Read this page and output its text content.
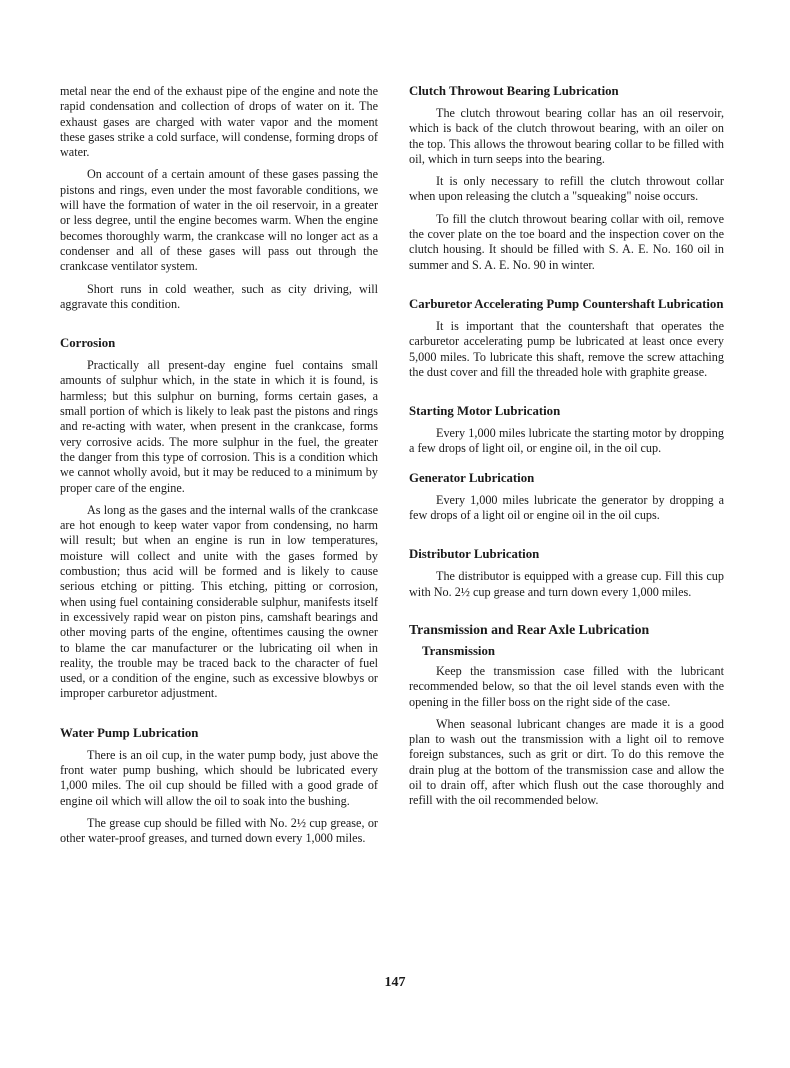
metal near the end of the exhaust pipe of the engine and note the rapid condensation and collection of drops of water on it. The exhaust gases are charged with water vapor and the moment these gases strike a cold surface, will condense, forming drops of water.

On account of a certain amount of these gases passing the pistons and rings, even under the most favorable conditions, we will have the formation of water in the oil reservoir, in a greater or less degree, until the engine becomes warm. When the engine becomes thoroughly warm, the crankcase will no longer act as a condenser and all of these gases will pass out through the crankcase ventilator system.

Short runs in cold weather, such as city driving, will aggravate this condition.

Corrosion

Practically all present-day engine fuel contains small amounts of sulphur which, in the state in which it is found, is harmless; but this sulphur on burning, forms certain gases, a small portion of which is likely to leak past the pistons and rings and re-acting with water, when present in the crankcase, forms very corrosive acids. The more sulphur in the fuel, the greater the danger from this type of corrosion. This is a condition which we cannot wholly avoid, but it may be reduced to a minimum by proper care of the engine.

As long as the gases and the internal walls of the crankcase are hot enough to keep water vapor from condensing, no harm will result; but when an engine is run in low temperatures, moisture will collect and unite with the gases formed by combustion; thus acid will be formed and is likely to cause serious etching or pitting. This etching, pitting or corrosion, when using fuel containing considerable sulphur, manifests itself in excessively rapid wear on piston pins, camshaft bearings and other moving parts of the engine, oftentimes causing the owner to blame the car manufacturer or the lubricating oil when in reality, the trouble may be traced back to the character of fuel used, or a condition of the engine, such as excessive blowbys or improper carburetor adjustment.

Water Pump Lubrication

There is an oil cup, in the water pump body, just above the front water pump bushing, which should be lubricated every 1,000 miles. The oil cup should be filled with a good grade of engine oil which will allow the oil to soak into the bushing.

The grease cup should be filled with No. 2½ cup grease, or other water-proof greases, and turned down every 1,000 miles.

Clutch Throwout Bearing Lubrication

The clutch throwout bearing collar has an oil reservoir, which is back of the clutch throwout bearing, with an oiler on the top. This allows the throwout bearing collar to be filled with oil, which in turn seeps into the bearing.

It is only necessary to refill the clutch throwout collar when upon releasing the clutch a "squeaking" noise occurs.

To fill the clutch throwout bearing collar with oil, remove the cover plate on the toe board and the inspection cover on the clutch housing. It should be filled with S. A. E. No. 160 oil in summer and S. A. E. No. 90 in winter.

Carburetor Accelerating Pump Countershaft Lubrication

It is important that the countershaft that operates the carburetor accelerating pump be lubricated at least once every 5,000 miles. To lubricate this shaft, remove the screw attaching the dust cover and fill the threaded hole with graphite grease.

Starting Motor Lubrication

Every 1,000 miles lubricate the starting motor by dropping a few drops of light oil, or engine oil, in the oil cup.

Generator Lubrication

Every 1,000 miles lubricate the generator by dropping a few drops of a light oil or engine oil in the oil cups.

Distributor Lubrication

The distributor is equipped with a grease cup. Fill this cup with No. 2½ cup grease and turn down every 1,000 miles.

Transmission and Rear Axle Lubrication
Transmission

Keep the transmission case filled with the lubricant recommended below, so that the oil level stands even with the opening in the filler boss on the right side of the case.

When seasonal lubricant changes are made it is a good plan to wash out the transmission with a light oil to remove foreign substances, such as grit or dirt. To do this remove the drain plug at the bottom of the transmission case and allow the oil to drain off, after which flush out the case thoroughly and refill with the oil recommended below.

147
